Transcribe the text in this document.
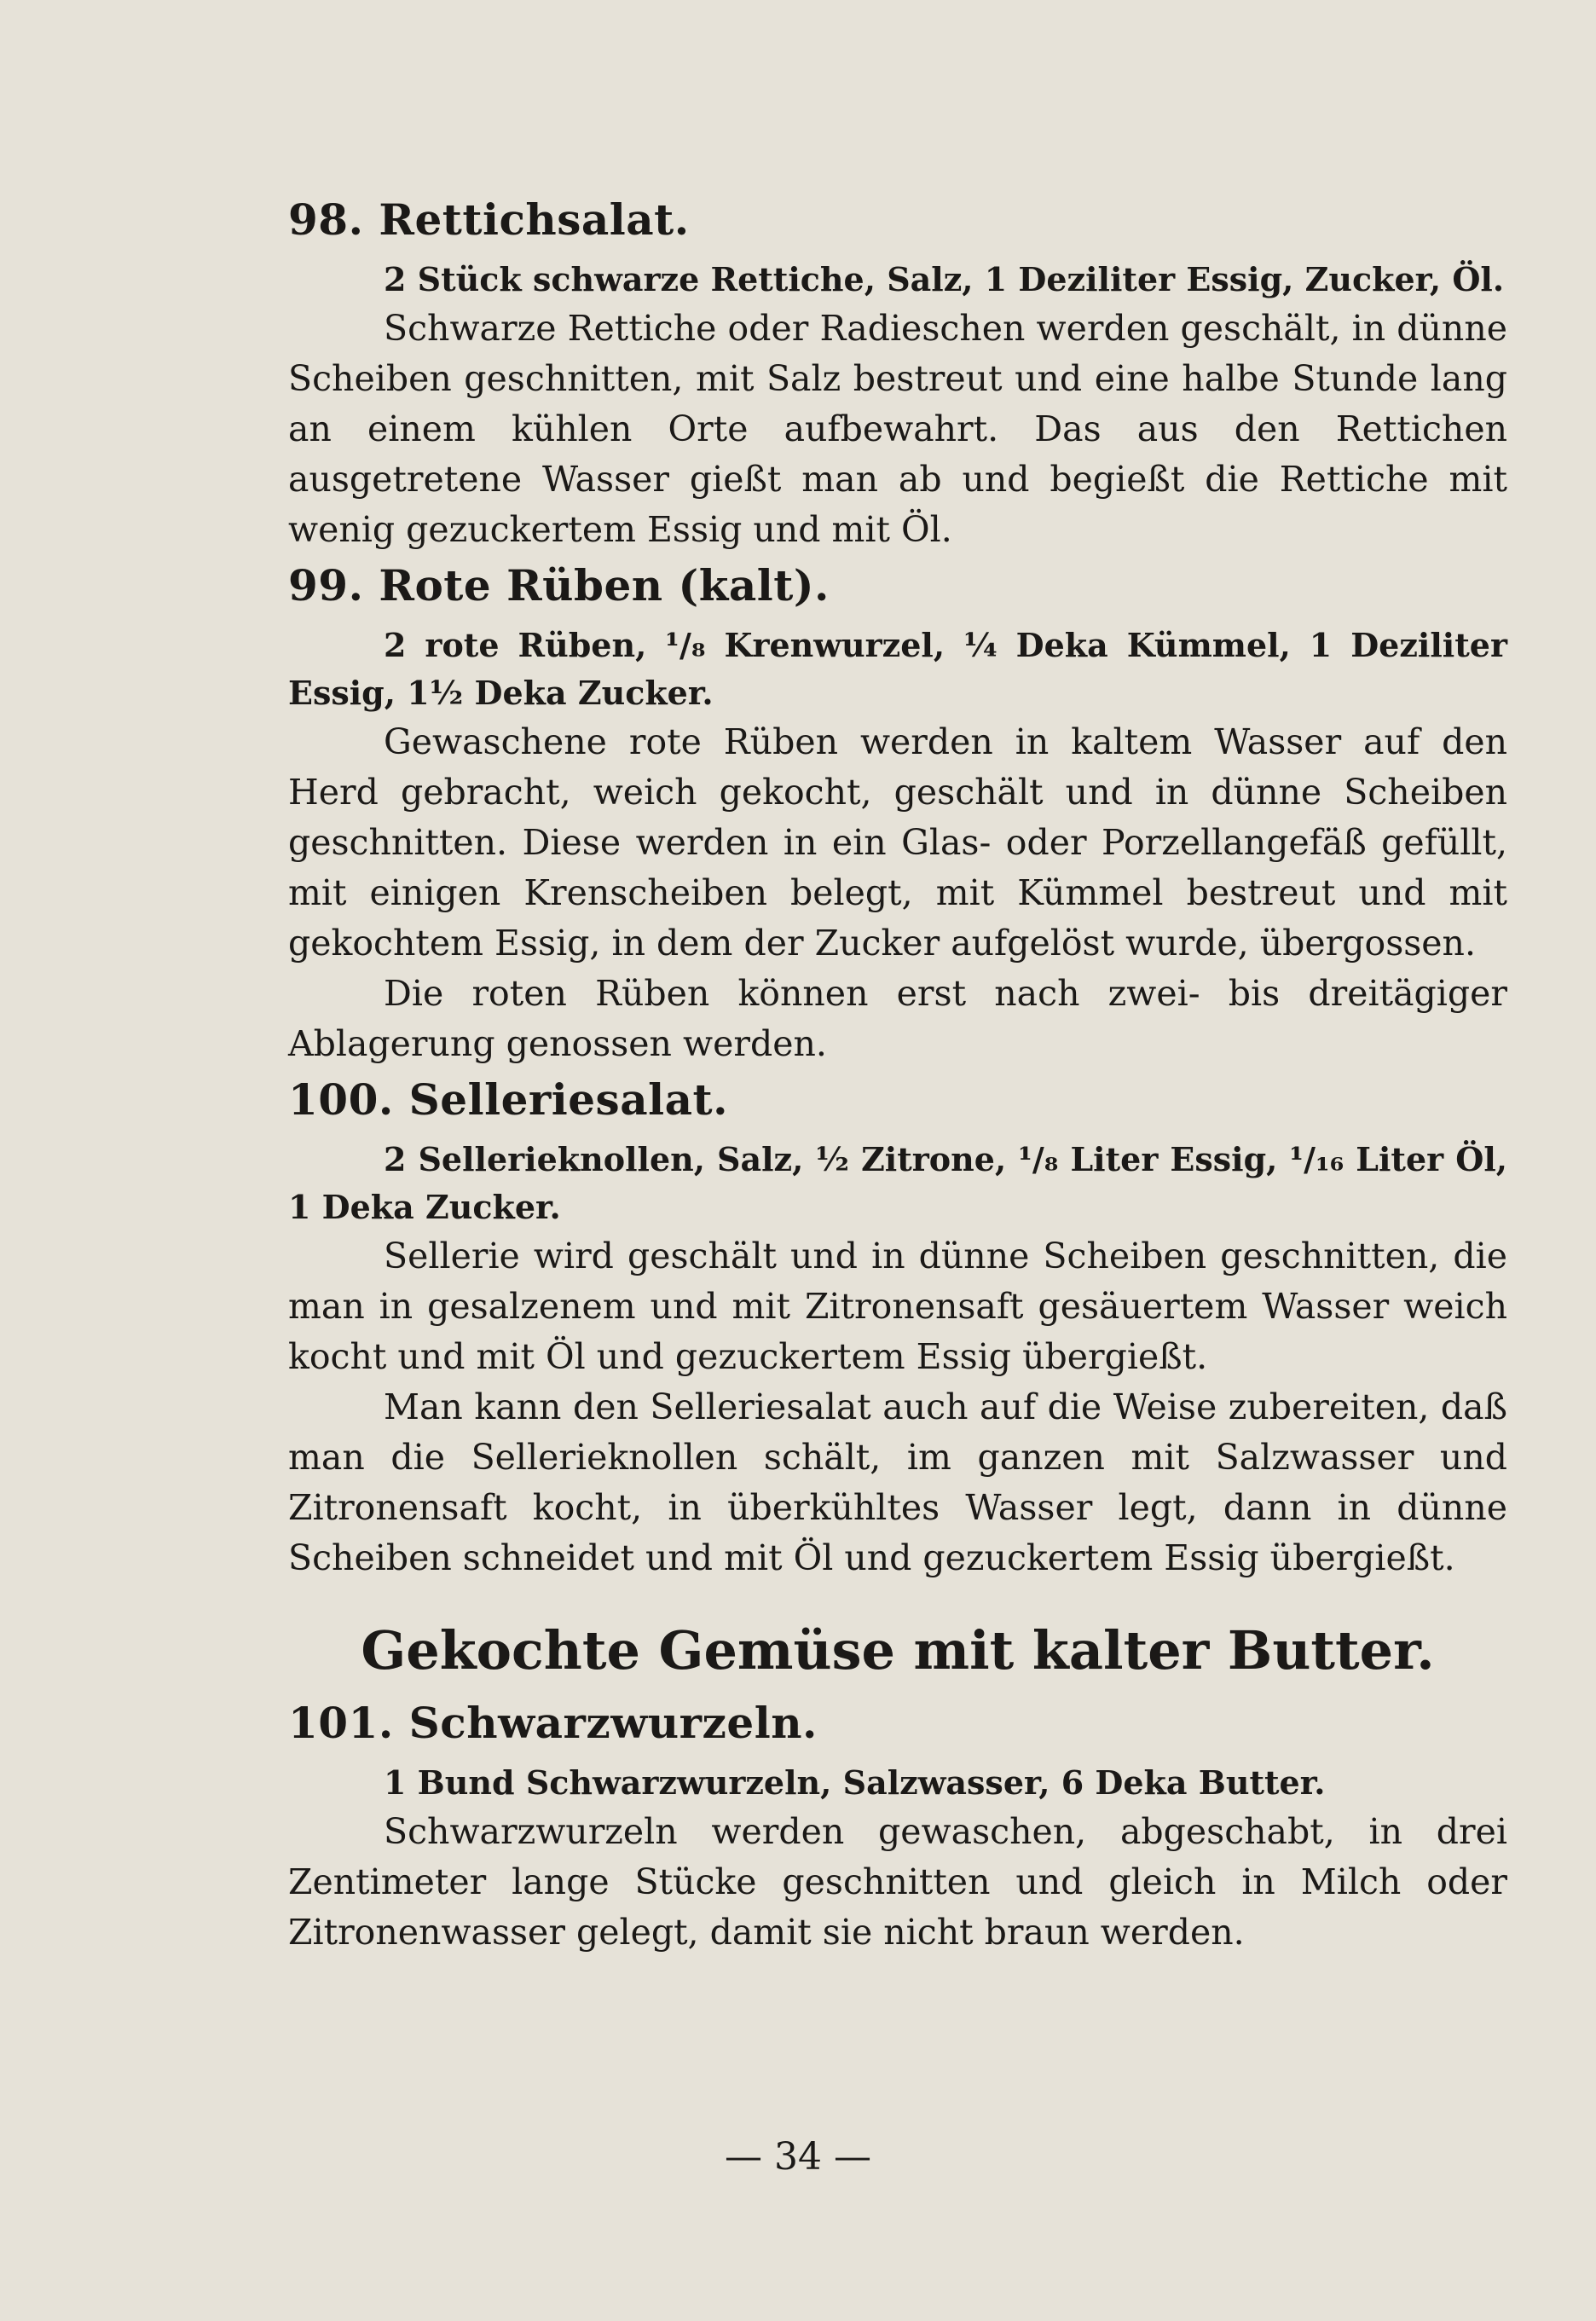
98. Rettichsalat.

2 Stück schwarze Rettiche, Salz, 1 Deziliter Essig, Zucker, Öl.

Schwarze Rettiche oder Radieschen werden geschält, in dünne Scheiben geschnitten, mit Salz bestreut und eine halbe Stunde lang an einem kühlen Orte aufbewahrt. Das aus den Rettichen ausgetretene Wasser gießt man ab und begießt die Rettiche mit wenig gezuckertem Essig und mit Öl.

99. Rote Rüben (kalt).

2 rote Rüben, ¹/₈ Krenwurzel, ¼ Deka Kümmel, 1 Deziliter Essig, 1½ Deka Zucker.

Gewaschene rote Rüben werden in kaltem Wasser auf den Herd gebracht, weich gekocht, geschält und in dünne Scheiben geschnitten. Diese werden in ein Glas- oder Porzellangefäß gefüllt, mit einigen Krenscheiben belegt, mit Kümmel bestreut und mit gekochtem Essig, in dem der Zucker aufgelöst wurde, übergossen.

Die roten Rüben können erst nach zwei- bis dreitägiger Ablagerung genossen werden.

100. Selleriesalat.

2 Sellerieknollen, Salz, ½ Zitrone, ¹/₈ Liter Essig, ¹/₁₆ Liter Öl, 1 Deka Zucker.

Sellerie wird geschält und in dünne Scheiben geschnitten, die man in gesalzenem und mit Zitronensaft gesäuertem Wasser weich kocht und mit Öl und gezuckertem Essig übergießt.

Man kann den Selleriesalat auch auf die Weise zubereiten, daß man die Sellerieknollen schält, im ganzen mit Salzwasser und Zitronensaft kocht, in überkühltes Wasser legt, dann in dünne Scheiben schneidet und mit Öl und gezuckertem Essig übergießt.

Gekochte Gemüse mit kalter Butter.
101. Schwarzwurzeln.

1 Bund Schwarzwurzeln, Salzwasser, 6 Deka Butter.

Schwarzwurzeln werden gewaschen, abgeschabt, in drei Zentimeter lange Stücke geschnitten und gleich in Milch oder Zitronenwasser gelegt, damit sie nicht braun werden.

— 34 —
